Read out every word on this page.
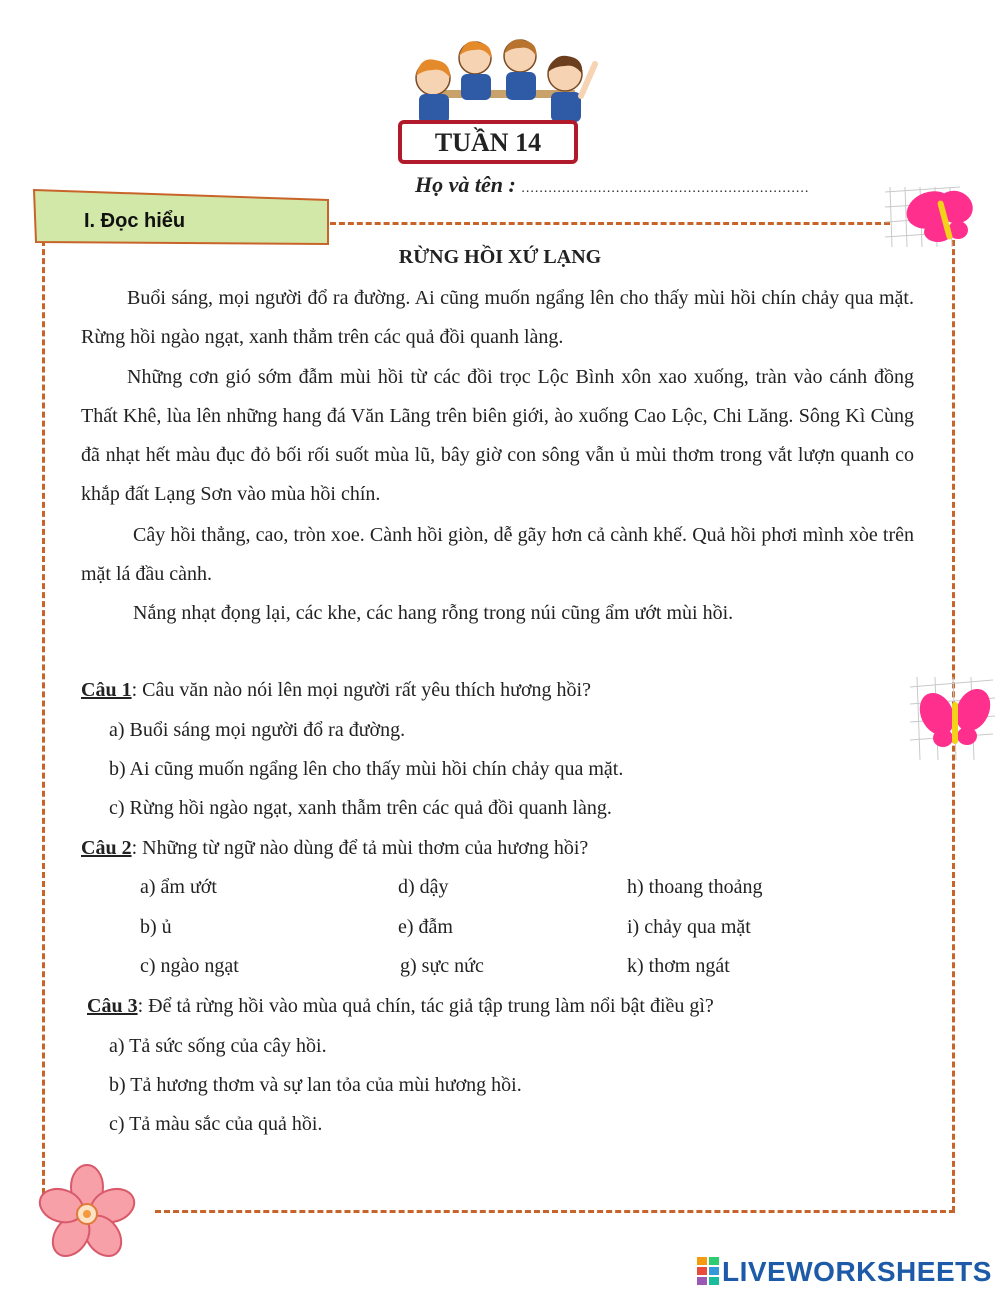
TUẦN 14
Họ và tên : ................................................................
I. Đọc hiểu
RỪNG HỒI XỨ LẠNG
Buổi sáng, mọi người đổ ra đường. Ai cũng muốn ngẩng lên cho thấy mùi hồi chín chảy qua mặt. Rừng hồi ngào ngạt, xanh thẳm trên các quả đồi quanh làng.
Những cơn gió sớm đẫm mùi hồi từ các đồi trọc Lộc Bình xôn xao xuống, tràn vào cánh đồng Thất Khê, lùa lên những hang đá Văn Lãng trên biên giới, ào xuống Cao Lộc, Chi Lăng. Sông Kì Cùng đã nhạt hết màu đục đỏ bối rối suốt mùa lũ, bây giờ con sông vẫn ủ mùi thơm trong vắt lượn quanh co khắp đất Lạng Sơn vào mùa hồi chín.
Cây hồi thẳng, cao, tròn xoe. Cành hồi giòn, dễ gãy hơn cả cành khế. Quả hồi phơi mình xòe trên mặt lá đầu cành.
Nắng nhạt đọng lại, các khe, các hang rỗng trong núi cũng ẩm ướt mùi hồi.
Câu 1: Câu văn nào nói lên mọi người rất yêu thích hương hồi?
a) Buổi sáng mọi người đổ ra đường.
b) Ai cũng muốn ngẩng lên cho thấy mùi hồi chín chảy qua mặt.
c) Rừng hồi ngào ngạt, xanh thẫm trên các quả đồi quanh làng.
Câu 2: Những từ ngữ nào dùng để tả mùi thơm của hương hồi?
a) ẩm ướt	d) dậy	h) thoang thoảng
b) ủ	e) đẫm	i) chảy qua mặt
c) ngào ngạt	g) sực nức	k) thơm ngát
Câu 3: Để tả rừng hồi vào mùa quả chín, tác giả tập trung làm nổi bật điều gì?
a) Tả sức sống của cây hồi.
b) Tả hương thơm và sự lan tỏa của mùi hương hồi.
c) Tả màu sắc của quả hồi.
LIVEWORKSHEETS
